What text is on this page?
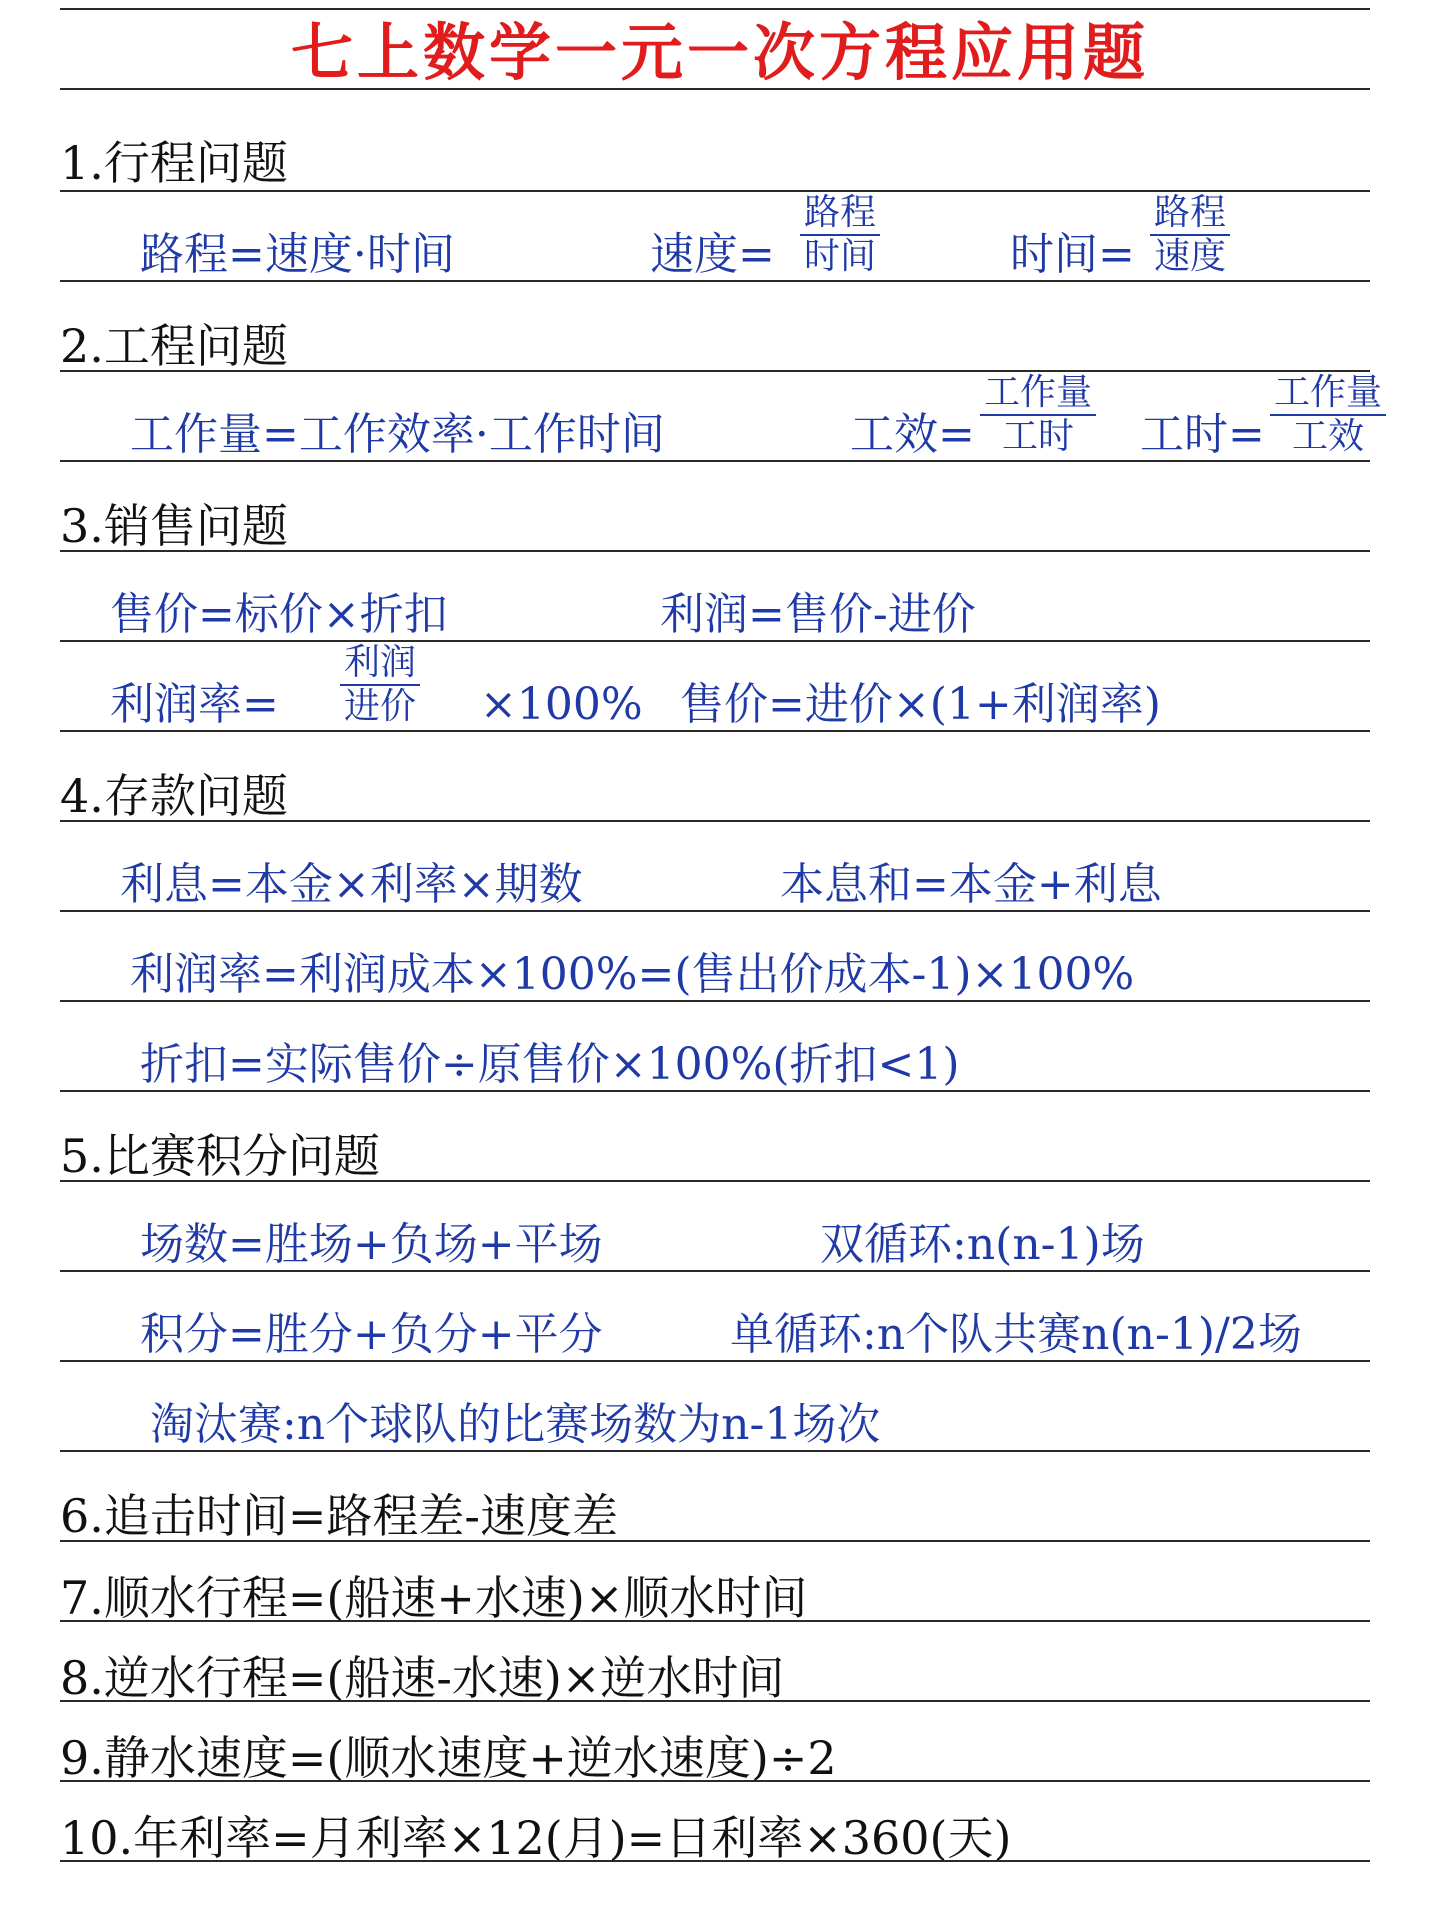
七上数学一元一次方程应用题
1.行程问题
路程=速度·时间	速度=
路程
时间	时间=
路程
速度
2.工程问题
工作量=工作效率·工作时间	工效=
工作量
工时 工时=
工作量
工效
3.销售问题
售价=标价×折扣	利润=售价-进价
利润率=
利润
进价 ×100% 售价=进价×(1+利润率)
4.存款问题
利息=本金×利率×期数	本息和=本金+利息
利润率=利润成本×100%=(售出价成本-1)×100%
折扣=实际售价÷原售价×100%(折扣<1)
5.比赛积分问题
场数=胜场+负场+平场	双循环:n(n-1)场
积分=胜分+负分+平分	单循环:n个队共赛n(n-1)/2场
淘汰赛:n个球队的比赛场数为n-1场次
6.追击时间=路程差-速度差
7.顺水行程=(船速+水速)×顺水时间
8.逆水行程=(船速-水速)×逆水时间
9.静水速度=(顺水速度+逆水速度)÷2
10.年利率=月利率×12(月)=日利率×360(天)
